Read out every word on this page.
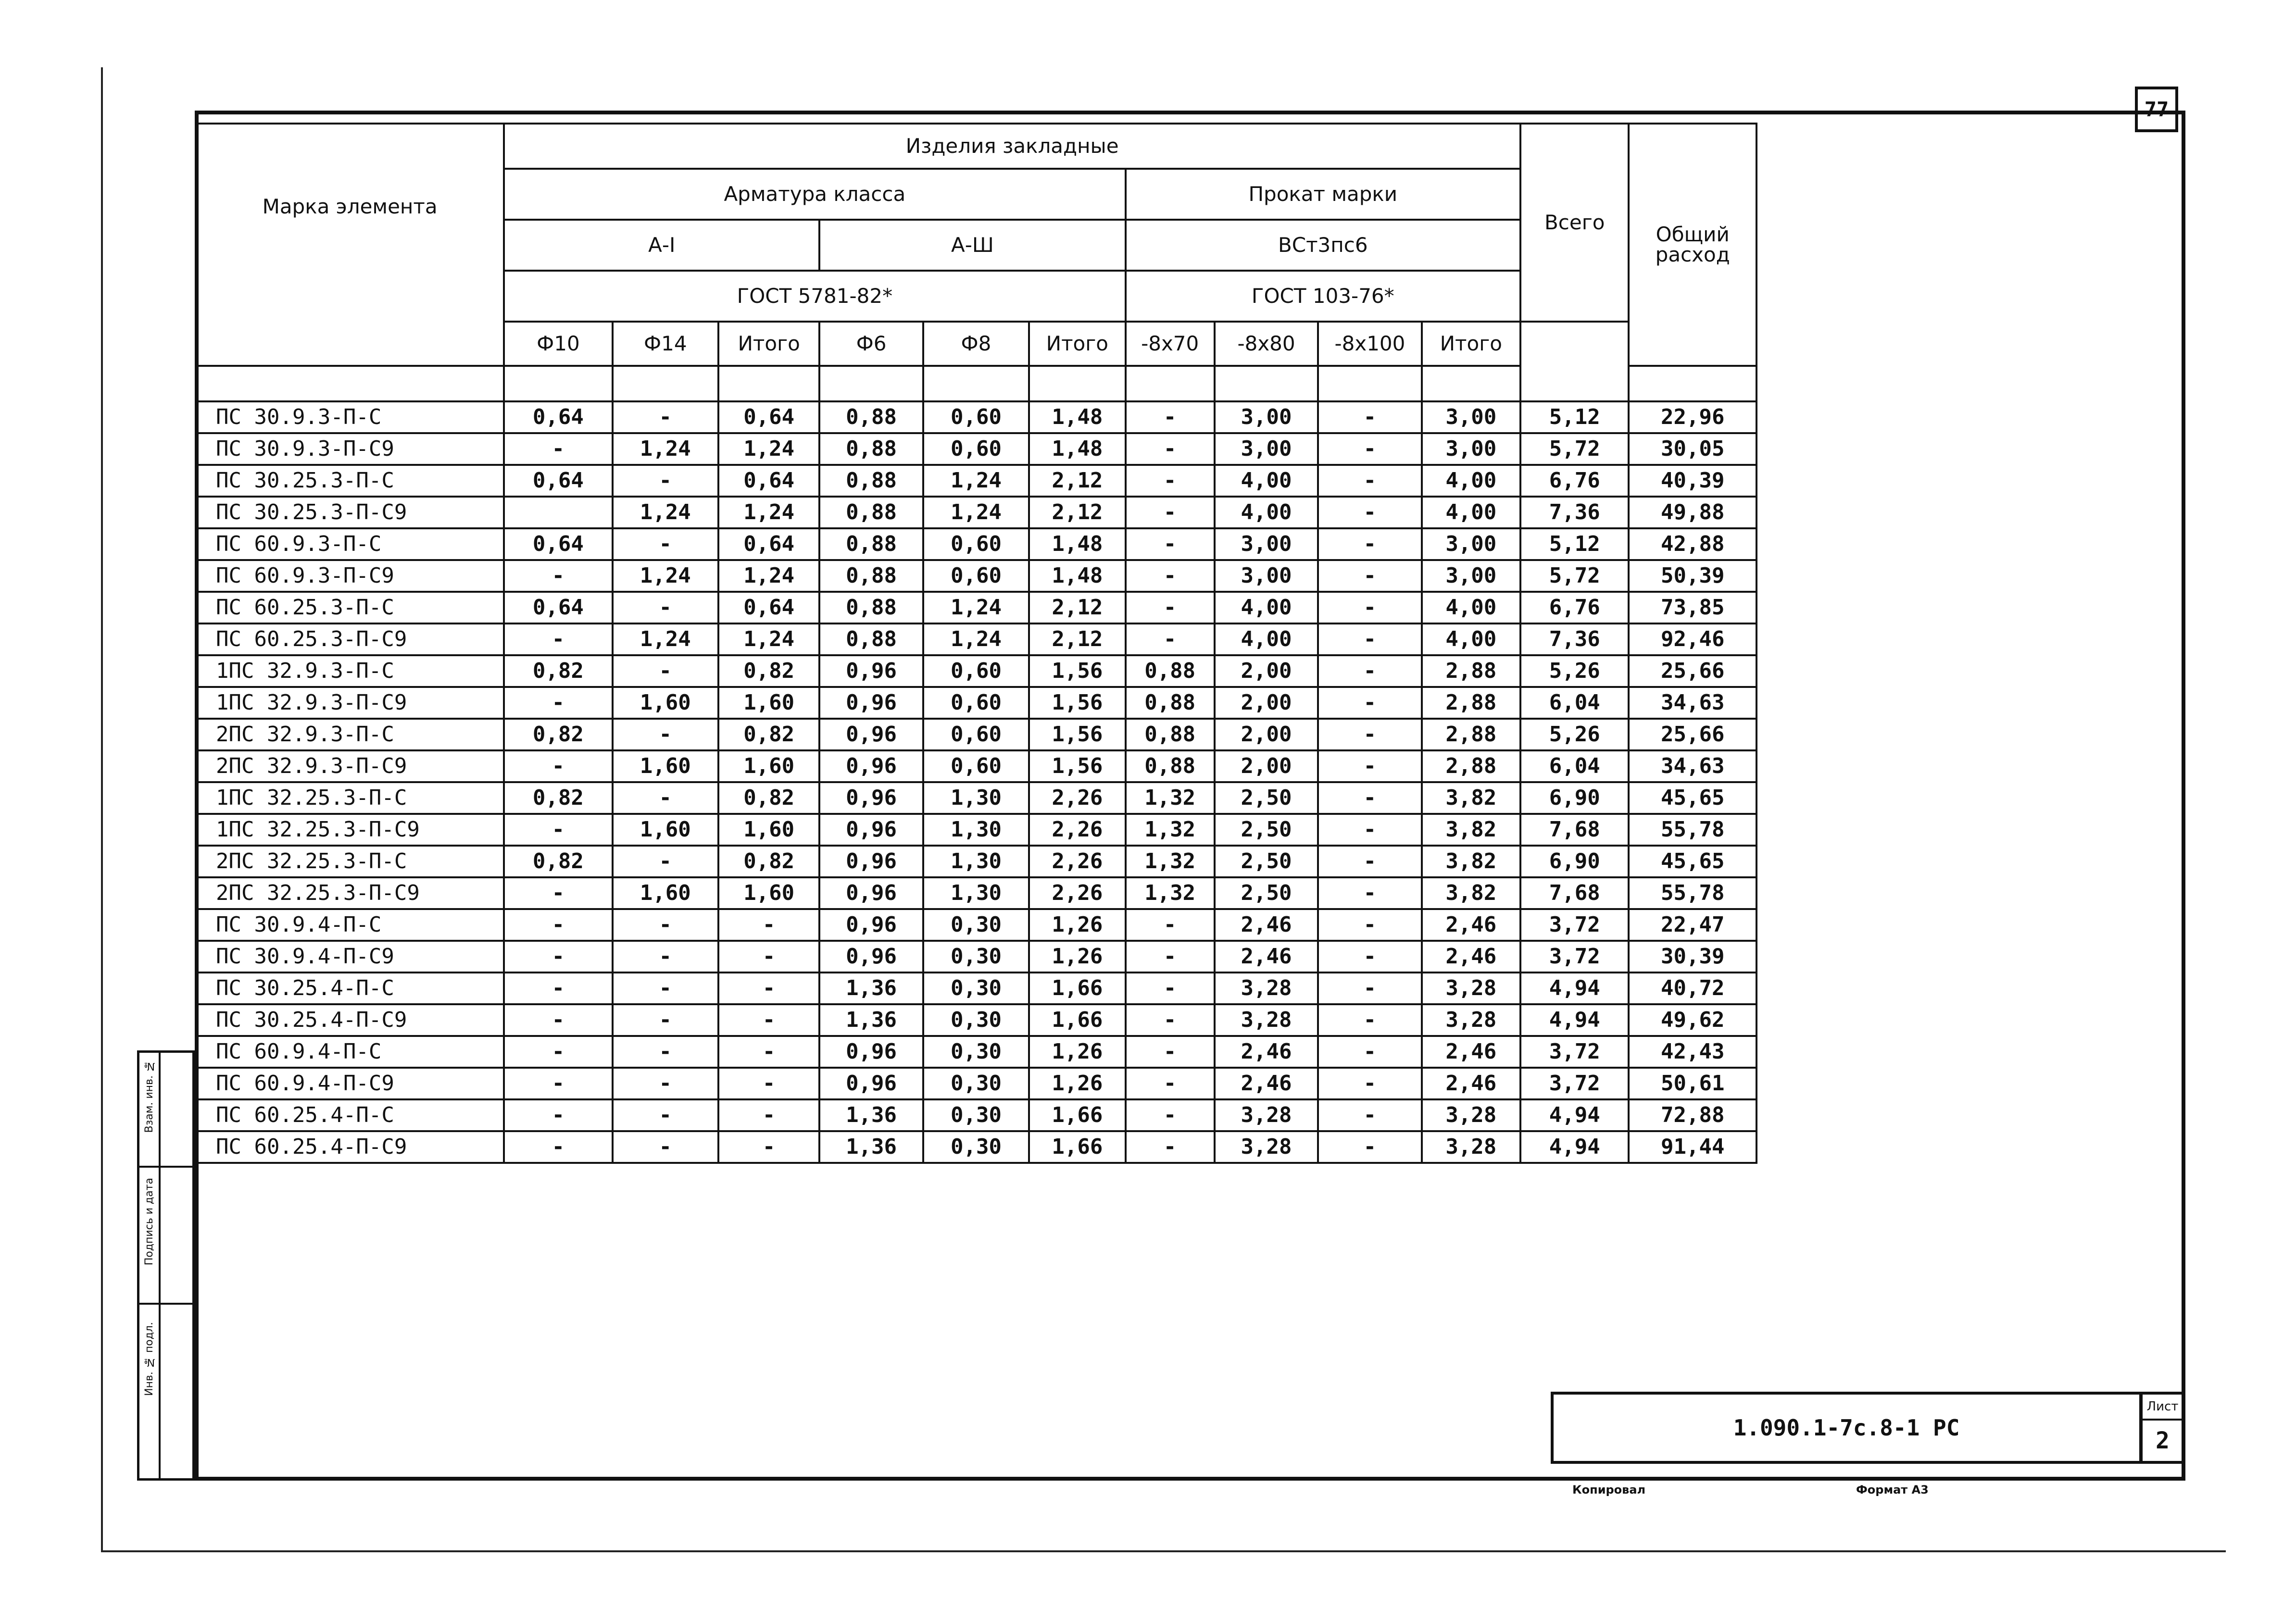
77
Инв. № подл.
Подпись и дата
Взам. инв. №
Марка элемента	Изделия закладные										Всего	Общий расход
	Арматура класса						Прокат марки					
	А-I			А-Ш			ВСт3пс6					
	ГОСТ 5781-82*						ГОСТ 103-76*					
	Ф10	Ф14	Итого	Ф6	Ф8	Итого	-8х70	-8х80	-8х100	Итого		

ПС 30.9.3-П-С	0,64	-	0,64	0,88	0,60	1,48	-	3,00	-	3,00	5,12	22,96
ПС 30.9.3-П-С9	-	1,24	1,24	0,88	0,60	1,48	-	3,00	-	3,00	5,72	30,05
ПС 30.25.3-П-С	0,64	-	0,64	0,88	1,24	2,12	-	4,00	-	4,00	6,76	40,39
ПС 30.25.3-П-С9		1,24	1,24	0,88	1,24	2,12	-	4,00	-	4,00	7,36	49,88
ПС 60.9.3-П-С	0,64	-	0,64	0,88	0,60	1,48	-	3,00	-	3,00	5,12	42,88
ПС 60.9.3-П-С9	-	1,24	1,24	0,88	0,60	1,48	-	3,00	-	3,00	5,72	50,39
ПС 60.25.3-П-С	0,64	-	0,64	0,88	1,24	2,12	-	4,00	-	4,00	6,76	73,85
ПС 60.25.3-П-С9	-	1,24	1,24	0,88	1,24	2,12	-	4,00	-	4,00	7,36	92,46
1ПС 32.9.3-П-С	0,82	-	0,82	0,96	0,60	1,56	0,88	2,00	-	2,88	5,26	25,66
1ПС 32.9.3-П-С9	-	1,60	1,60	0,96	0,60	1,56	0,88	2,00	-	2,88	6,04	34,63
2ПС 32.9.3-П-С	0,82	-	0,82	0,96	0,60	1,56	0,88	2,00	-	2,88	5,26	25,66
2ПС 32.9.3-П-С9	-	1,60	1,60	0,96	0,60	1,56	0,88	2,00	-	2,88	6,04	34,63
1ПС 32.25.3-П-С	0,82	-	0,82	0,96	1,30	2,26	1,32	2,50	-	3,82	6,90	45,65
1ПС 32.25.3-П-С9	-	1,60	1,60	0,96	1,30	2,26	1,32	2,50	-	3,82	7,68	55,78
2ПС 32.25.3-П-С	0,82	-	0,82	0,96	1,30	2,26	1,32	2,50	-	3,82	6,90	45,65
2ПС 32.25.3-П-С9	-	1,60	1,60	0,96	1,30	2,26	1,32	2,50	-	3,82	7,68	55,78
ПС 30.9.4-П-С	-	-	-	0,96	0,30	1,26	-	2,46	-	2,46	3,72	22,47
ПС 30.9.4-П-С9	-	-	-	0,96	0,30	1,26	-	2,46	-	2,46	3,72	30,39
ПС 30.25.4-П-С	-	-	-	1,36	0,30	1,66	-	3,28	-	3,28	4,94	40,72
ПС 30.25.4-П-С9	-	-	-	1,36	0,30	1,66	-	3,28	-	3,28	4,94	49,62
ПС 60.9.4-П-С	-	-	-	0,96	0,30	1,26	-	2,46	-	2,46	3,72	42,43
ПС 60.9.4-П-С9	-	-	-	0,96	0,30	1,26	-	2,46	-	2,46	3,72	50,61
ПС 60.25.4-П-С	-	-	-	1,36	0,30	1,66	-	3,28	-	3,28	4,94	72,88
ПС 60.25.4-П-С9	-	-	-	1,36	0,30	1,66	-	3,28	-	3,28	4,94	91,44
1.090.1-7с.8-1 РС
Лист
2
Копировал	Формат А3
